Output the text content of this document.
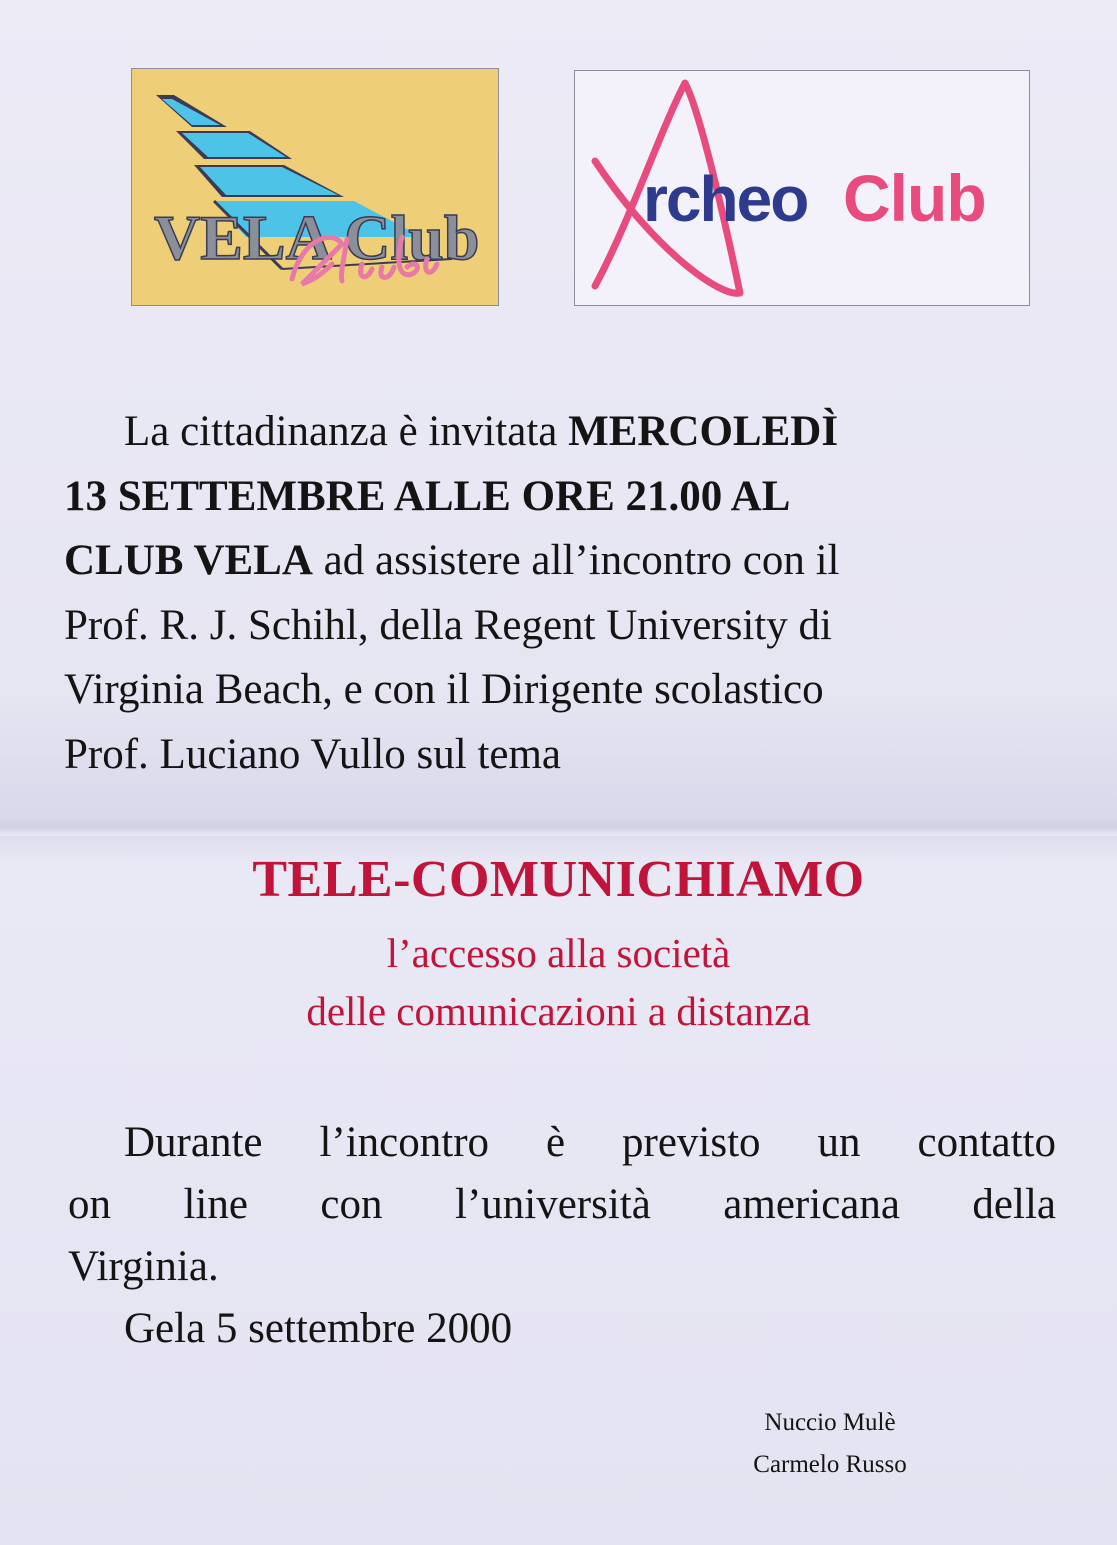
VELA Club
rcheo Club
La cittadinanza è invitata MERCOLEDÌ
13 SETTEMBRE ALLE ORE 21.00 AL
CLUB VELA ad assistere all’incontro con il
Prof. R. J. Schihl, della Regent University di
Virginia Beach, e con il Dirigente scolastico
Prof. Luciano Vullo sul tema
TELE-COMUNICHIAMO
l’accesso alla società
delle comunicazioni a distanza
Durante l’incontro è previsto un contatto
on line con l’università americana della
Virginia.
Gela 5 settembre 2000
Nuccio Mulè
Carmelo Russo
